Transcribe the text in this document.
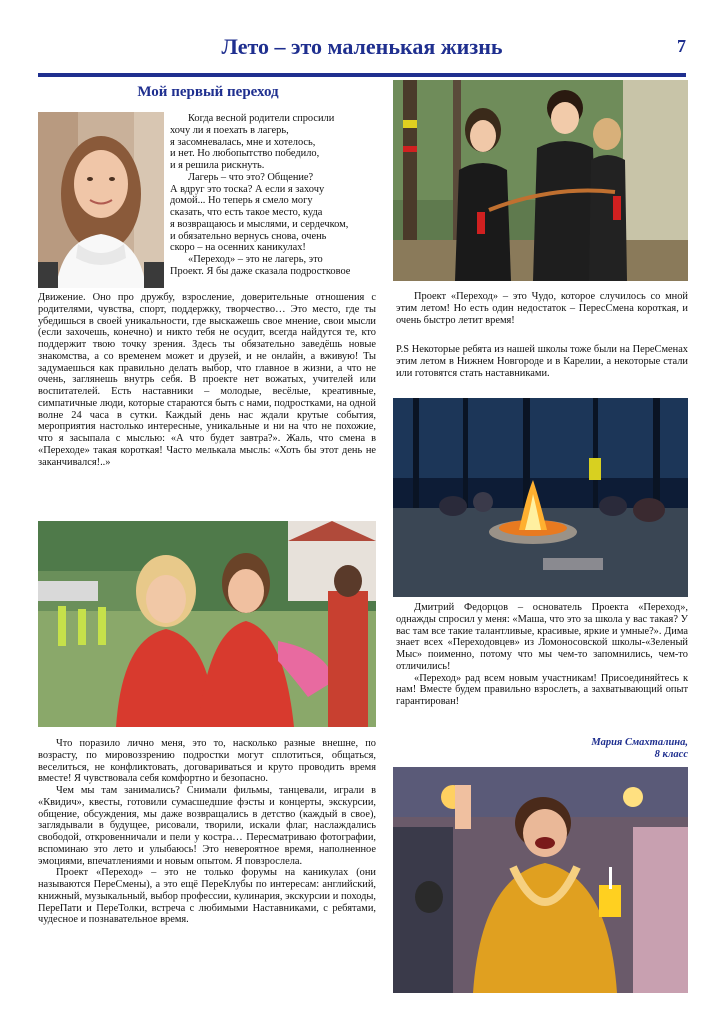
Лето – это маленькая жизнь	7
Мой первый переход

Когда весной родители спросили

хочу ли я поехать в лагерь,

я засомневалась, мне и хотелось,

и нет. Но любопытство победило,

и я решила рискнуть.

Лагерь – что это? Общение?

А вдруг это тоска? А если я захочу

домой... Но теперь я смело могу

сказать, что есть такое место, куда

я возвращаюсь и мыслями, и сердечком,

и обязательно вернусь снова, очень

скоро – на осенних каникулах!

«Переход» – это не лагерь, это

Проект. Я бы даже сказала подростковое

Движение. Оно про дружбу, взросление, доверительные отношения с родителями, чувства, спорт, поддержку, творчество… Это место, где ты убедишься в своей уникальности, где выскажешь свое мнение, свои мысли (если захочешь, конечно) и никто тебя не осудит, всегда найдутся те, кто поддержит твою точку зрения. Здесь ты обязательно заведёшь новые знакомства, а со временем может и друзей, и не онлайн, а вживую! Ты задумаешься как правильно делать выбор, что главное в жизни, а что не очень, заглянешь внутрь себя. В проекте нет вожатых, учителей или воспитателей. Есть наставники – молодые, весёлые, креативные, симпатичные люди, которые стараются быть с нами, подростками, на одной волне 24 часа в сутки. Каждый день нас ждали крутые события, мероприятия настолько интересные, уникальные и ни на что не похожие, что я засыпала с мыслью: «А что будет завтра?». Жаль, что смена в «Переходе» такая короткая! Часто мелькала мысль: «Хоть бы этот день не заканчивался!..»

Что поразило лично меня, это то, насколько разные внешне, по возрасту, по мировоззрению подростки могут сплотиться, общаться, веселиться, не конфликтовать, договариваться и круто проводить время вместе! Я чувствовала себя комфортно и безопасно.

Чем мы там занимались? Снимали фильмы, танцевали, играли в «Квидич», квесты, готовили сумасшедшие фэсты и концерты, экскурсии, общение, обсуждения, мы даже возвращались в детство (каждый в свое), заглядывали в будущее, рисовали, творили, искали флаг, наслаждались свободой, откровенничали и пели у костра… Пересматриваю фотографии, вспоминаю это лето и улыбаюсь! Это невероятное время, наполненное эмоциями, впечатлениями и новым опытом. Я повзрослела.

Проект «Переход» – это не только форумы на каникулах (они называются ПереСмены), а это ещё ПереКлубы по интересам: английский, книжный, музыкальный, выбор профессии, кулинария, экскурсии и походы, ПереПати и ПереТолки, встреча с любимыми Наставниками, с ребятами, чудесное и познавательное время.

Проект «Переход» – это Чудо, которое случилось со мной этим летом! Но есть один недостаток – ПересСмена короткая, и очень быстро летит время!

P.S Некоторые ребята из нашей школы тоже были на ПереСменах этим летом в Нижнем Новгороде и в Карелии, а некоторые стали или готовятся стать наставниками.

Дмитрий Федорцов – основатель Проекта «Переход», однажды спросил у меня: «Маша, что это за школа у вас такая? У вас там все такие талантливые, красивые, яркие и умные?». Дима знает всех «Переходовцев» из Ломоносовской школы-«Зеленый Мыс» поименно, потому что мы чем-то запомнились, чем-то отличились!

«Переход» рад всем новым участникам! Присоединяйтесь к нам! Вместе будем правильно взрослеть, а захватывающий опыт гарантирован!

Мария Смахталина,
8 класс
